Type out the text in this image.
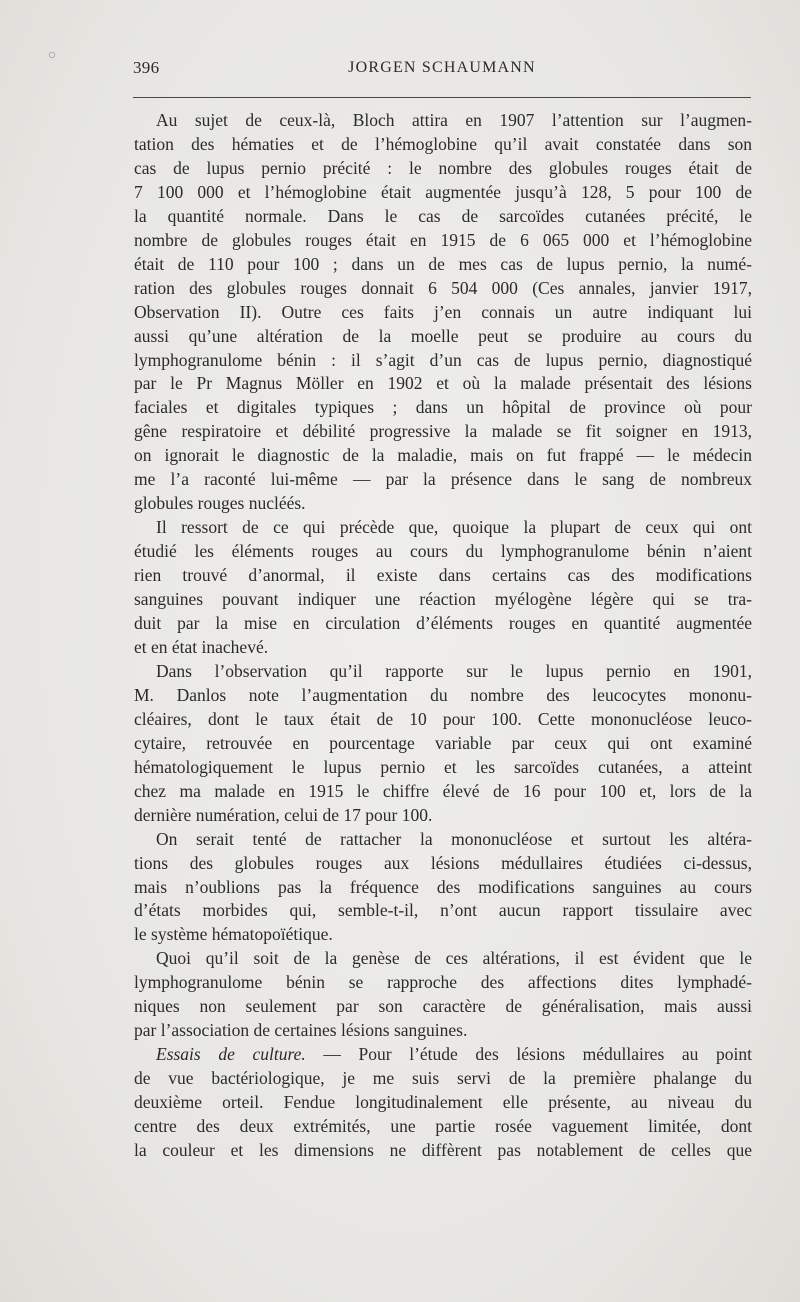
396	JORGEN SCHAUMANN
Au sujet de ceux-là, Bloch attira en 1907 l’attention sur l’augmen-
tation des hématies et de l’hémoglobine qu’il avait constatée dans son
cas de lupus pernio précité : le nombre des globules rouges était de
7 100 000 et l’hémoglobine était augmentée jusqu’à 128, 5 pour 100 de
la quantité normale. Dans le cas de sarcoïdes cutanées précité, le
nombre de globules rouges était en 1915 de 6 065 000 et l’hémoglobine
était de 110 pour 100 ; dans un de mes cas de lupus pernio, la numé-
ration des globules rouges donnait 6 504 000 (Ces annales, janvier 1917,
Observation II). Outre ces faits j’en connais un autre indiquant lui
aussi qu’une altération de la moelle peut se produire au cours du
lymphogranulome bénin : il s’agit d’un cas de lupus pernio, diagnostiqué
par le Pr Magnus Möller en 1902 et où la malade présentait des lésions
faciales et digitales typiques ; dans un hôpital de province où pour
gêne respiratoire et débilité progressive la malade se fit soigner en 1913,
on ignorait le diagnostic de la maladie, mais on fut frappé — le médecin
me l’a raconté lui-même — par la présence dans le sang de nombreux
globules rouges nucléés.
Il ressort de ce qui précède que, quoique la plupart de ceux qui ont
étudié les éléments rouges au cours du lymphogranulome bénin n’aient
rien trouvé d’anormal, il existe dans certains cas des modifications
sanguines pouvant indiquer une réaction myélogène légère qui se tra-
duit par la mise en circulation d’éléments rouges en quantité augmentée
et en état inachevé.
Dans l’observation qu’il rapporte sur le lupus pernio en 1901,
M. Danlos note l’augmentation du nombre des leucocytes mononu-
cléaires, dont le taux était de 10 pour 100. Cette mononucléose leuco-
cytaire, retrouvée en pourcentage variable par ceux qui ont examiné
hématologiquement le lupus pernio et les sarcoïdes cutanées, a atteint
chez ma malade en 1915 le chiffre élevé de 16 pour 100 et, lors de la
dernière numération, celui de 17 pour 100.
On serait tenté de rattacher la mononucléose et surtout les altéra-
tions des globules rouges aux lésions médullaires étudiées ci-dessus,
mais n’oublions pas la fréquence des modifications sanguines au cours
d’états morbides qui, semble-t-il, n’ont aucun rapport tissulaire avec
le système hématopoïétique.
Quoi qu’il soit de la genèse de ces altérations, il est évident que le
lymphogranulome bénin se rapproche des affections dites lymphadé-
niques non seulement par son caractère de généralisation, mais aussi
par l’association de certaines lésions sanguines.
Essais de culture. — Pour l’étude des lésions médullaires au point
de vue bactériologique, je me suis servi de la première phalange du
deuxième orteil. Fendue longitudinalement elle présente, au niveau du
centre des deux extrémités, une partie rosée vaguement limitée, dont
la couleur et les dimensions ne diffèrent pas notablement de celles que
○
